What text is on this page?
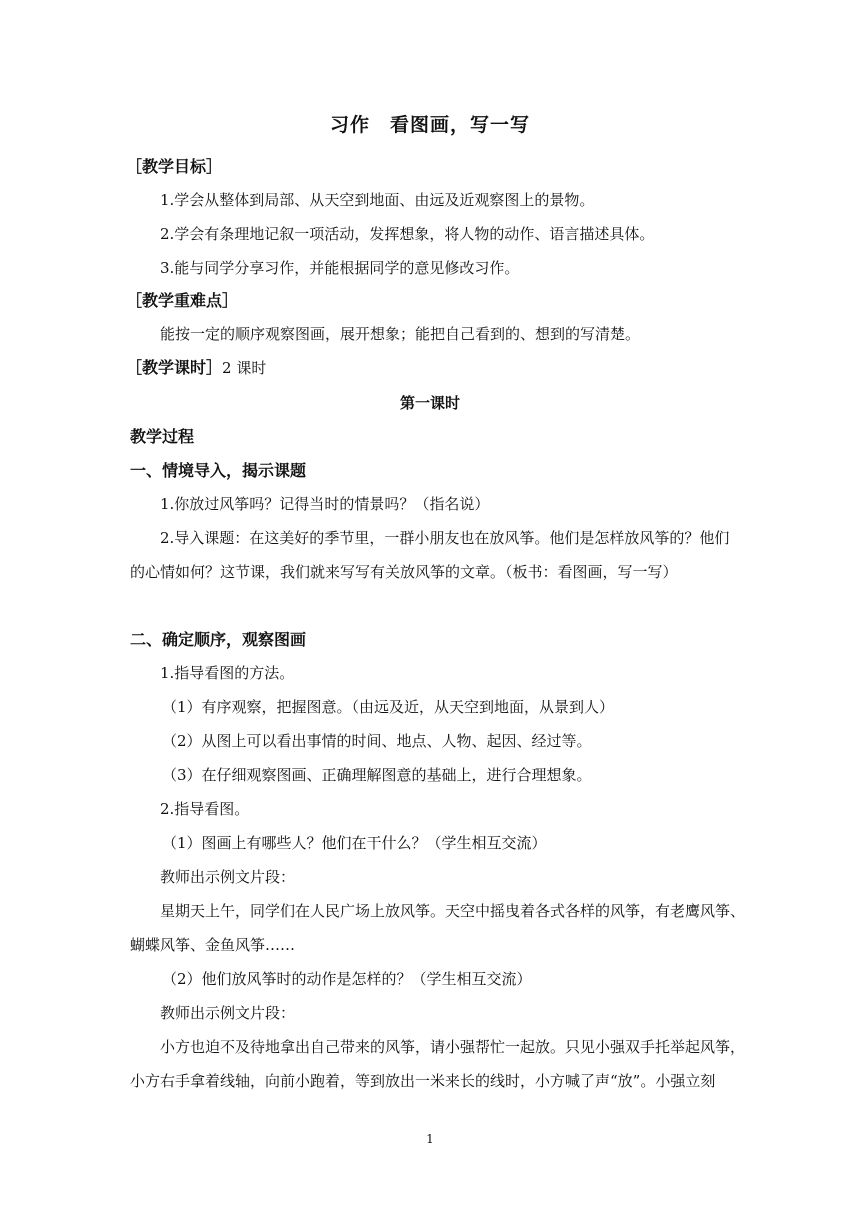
习作　看图画，写一写
［教学目标］
1.学会从整体到局部、从天空到地面、由远及近观察图上的景物。
2.学会有条理地记叙一项活动，发挥想象，将人物的动作、语言描述具体。
3.能与同学分享习作，并能根据同学的意见修改习作。
［教学重难点］
能按一定的顺序观察图画，展开想象；能把自己看到的、想到的写清楚。
［教学课时］2 课时
第一课时
教学过程
一、情境导入，揭示课题
1.你放过风筝吗？记得当时的情景吗？（指名说）
2.导入课题：在这美好的季节里，一群小朋友也在放风筝。他们是怎样放风筝的？他们
的心情如何？这节课，我们就来写写有关放风筝的文章。（板书：看图画，写一写）
二、确定顺序，观察图画
1.指导看图的方法。
（1）有序观察，把握图意。（由远及近，从天空到地面，从景到人）
（2）从图上可以看出事情的时间、地点、人物、起因、经过等。
（3）在仔细观察图画、正确理解图意的基础上，进行合理想象。
2.指导看图。
（1）图画上有哪些人？他们在干什么？（学生相互交流）
教师出示例文片段：
星期天上午，同学们在人民广场上放风筝。天空中摇曳着各式各样的风筝，有老鹰风筝、
蝴蝶风筝、金鱼风筝……
（2）他们放风筝时的动作是怎样的？（学生相互交流）
教师出示例文片段：
小方也迫不及待地拿出自己带来的风筝，请小强帮忙一起放。只见小强双手托举起风筝，
小方右手拿着线轴，向前小跑着，等到放出一米来长的线时，小方喊了声“放”。小强立刻
1
